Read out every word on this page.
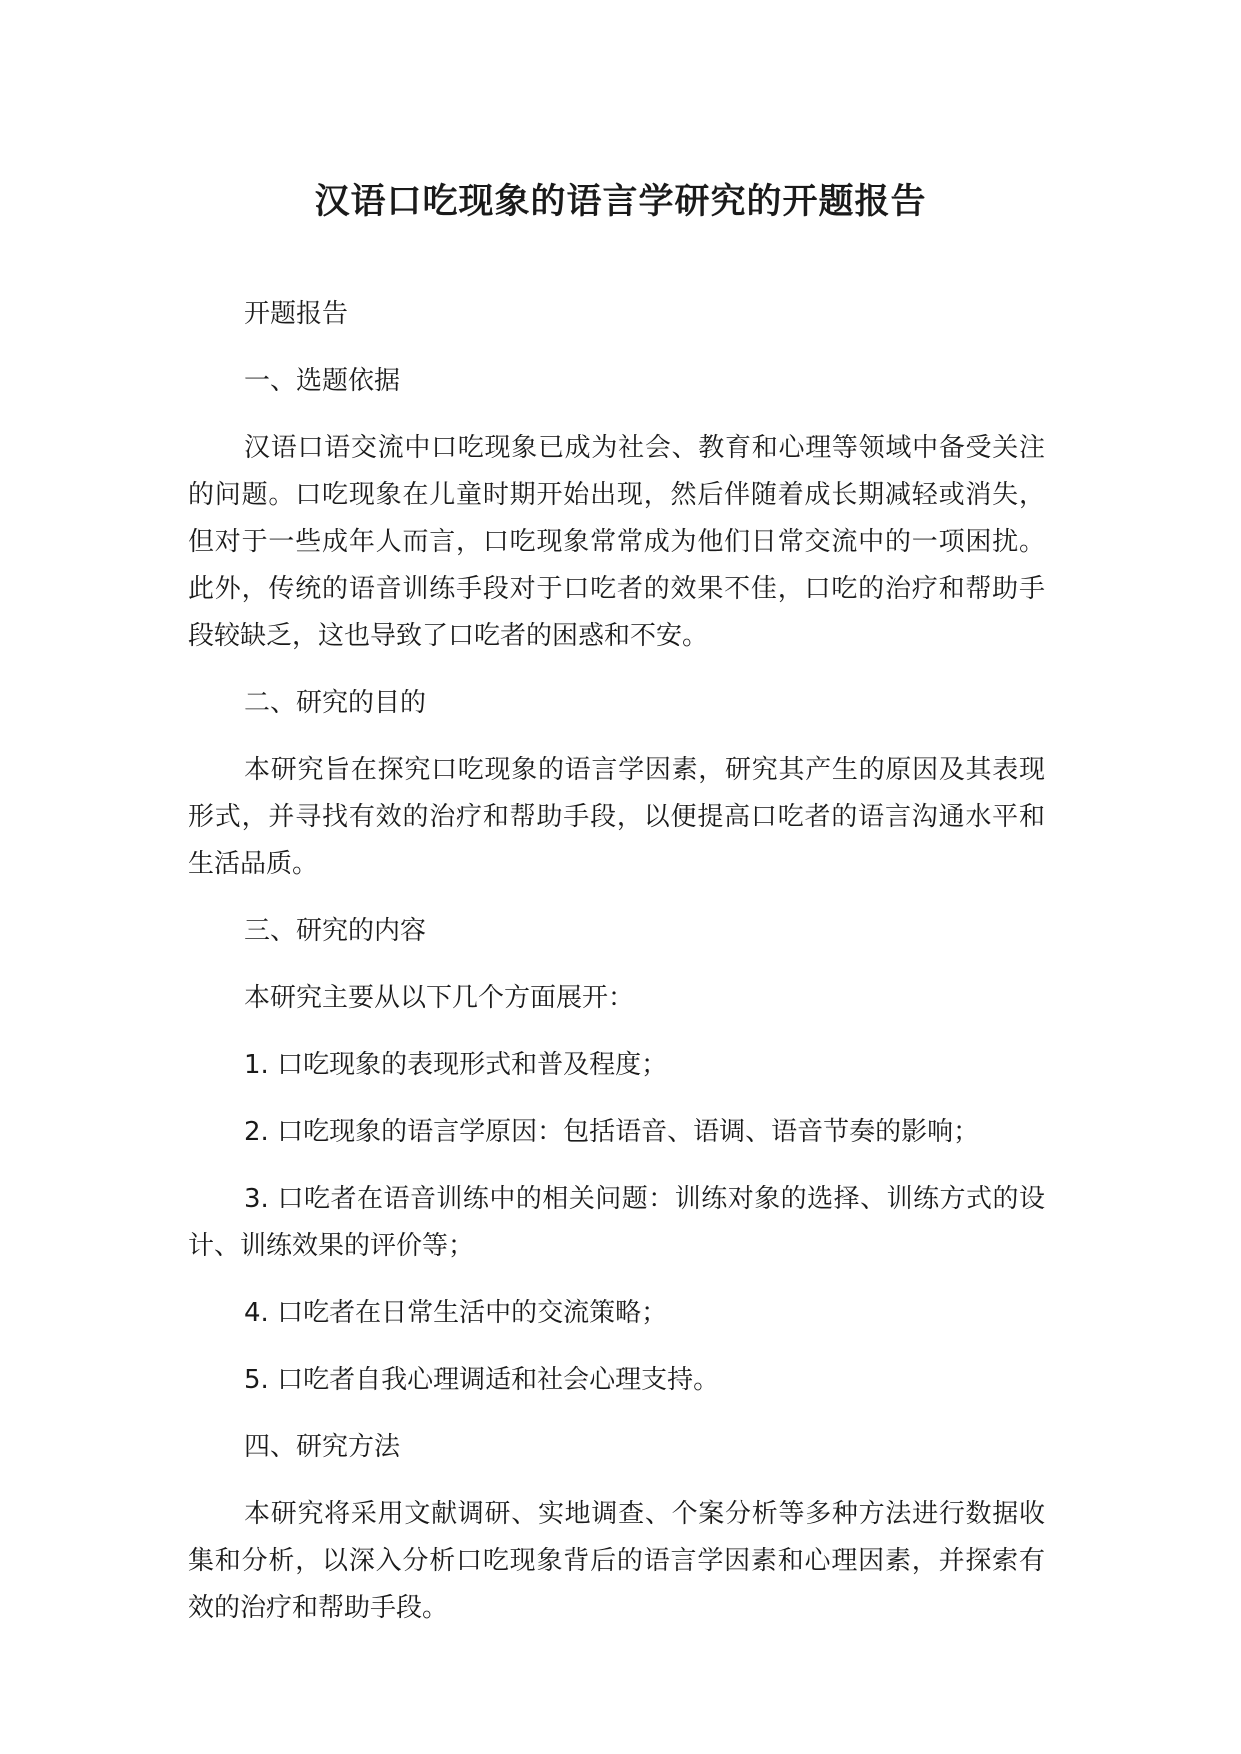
汉语口吃现象的语言学研究的开题报告

开题报告

一、选题依据

汉语口语交流中口吃现象已成为社会、教育和心理等领域中备受关注的问题。口吃现象在儿童时期开始出现，然后伴随着成长期减轻或消失，但对于一些成年人而言，口吃现象常常成为他们日常交流中的一项困扰。此外，传统的语音训练手段对于口吃者的效果不佳，口吃的治疗和帮助手段较缺乏，这也导致了口吃者的困惑和不安。

二、研究的目的

本研究旨在探究口吃现象的语言学因素，研究其产生的原因及其表现形式，并寻找有效的治疗和帮助手段，以便提高口吃者的语言沟通水平和生活品质。

三、研究的内容

本研究主要从以下几个方面展开：

1. 口吃现象的表现形式和普及程度；

2. 口吃现象的语言学原因：包括语音、语调、语音节奏的影响；

3. 口吃者在语音训练中的相关问题：训练对象的选择、训练方式的设计、训练效果的评价等；

4. 口吃者在日常生活中的交流策略；

5. 口吃者自我心理调适和社会心理支持。

四、研究方法

本研究将采用文献调研、实地调查、个案分析等多种方法进行数据收集和分析，以深入分析口吃现象背后的语言学因素和心理因素，并探索有效的治疗和帮助手段。
